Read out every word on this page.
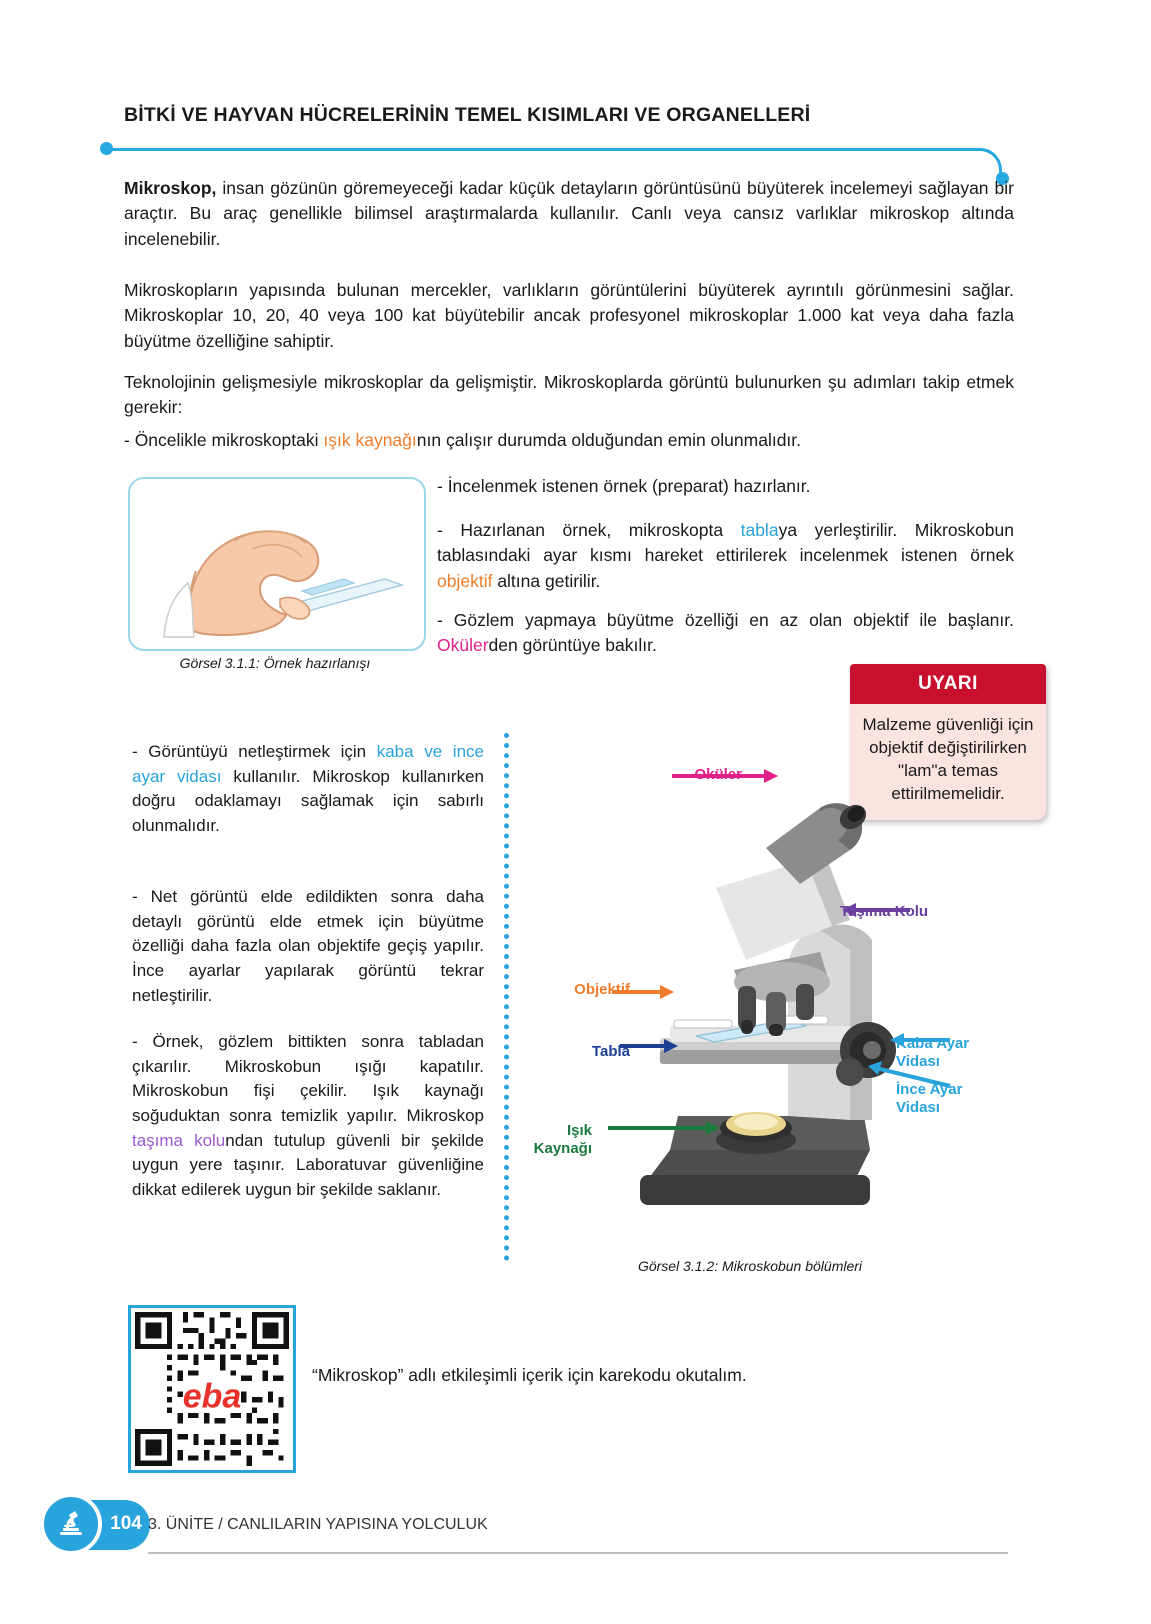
BİTKİ VE HAYVAN HÜCRELERİNİN TEMEL KISIMLARI VE ORGANELLERİ
Mikroskop, insan gözünün göremeyeceği kadar küçük detayların görüntüsünü büyüterek incelemeyi sağlayan bir araçtır. Bu araç genellikle bilimsel araştırmalarda kullanılır. Canlı veya cansız varlıklar mikroskop altında incelenebilir.
Mikroskopların yapısında bulunan mercekler, varlıkların görüntülerini büyüterek ayrıntılı görünmesini sağlar. Mikroskoplar 10, 20, 40 veya 100 kat büyütebilir ancak profesyonel mikroskoplar 1.000 kat veya daha fazla büyütme özelliğine sahiptir.
Teknolojinin gelişmesiyle mikroskoplar da gelişmiştir. Mikroskoplarda görüntü bulunurken şu adımları takip etmek gerekir:
- Öncelikle mikroskoptaki ışık kaynağının çalışır durumda olduğundan emin olunmalıdır.
Görsel 3.1.1: Örnek hazırlanışı
- İncelenmek istenen örnek (preparat) hazırlanır.
- Hazırlanan örnek, mikroskopta tablaya yerleştirilir. Mikroskobun tablasındaki ayar kısmı hareket ettirilerek incelenmek istenen örnek objektif altına getirilir.
- Gözlem yapmaya büyütme özelliği en az olan objektif ile başlanır. Okülerden görüntüye bakılır.
UYARI
Malzeme güvenliği için objektif değiştirilirken "lam"a temas ettirilmemelidir.
- Görüntüyü netleştirmek için kaba ve ince ayar vidası kullanılır. Mikroskop kullanırken doğru odaklamayı sağlamak için sabırlı olunmalıdır.
- Net görüntü elde edildikten sonra daha detaylı görüntü elde etmek için büyütme özelliği daha fazla olan objektife geçiş yapılır. İnce ayarlar yapılarak görüntü tekrar netleştirilir.
- Örnek, gözlem bittikten sonra tabladan çıkarılır. Mikroskobun ışığı kapatılır. Mikroskobun fişi çekilir. Işık kaynağı soğuduktan sonra temizlik yapılır. Mikroskop taşıma kolundan tutulup güvenli bir şekilde uygun yere taşınır. Laboratuvar güvenliğine dikkat edilerek uygun bir şekilde saklanır.
Oküler
Taşıma Kolu
Objektif
Tabla	Kaba Ayar
Vidası
İnce Ayar
Vidası
Işık
Kaynağı
Görsel 3.1.2: Mikroskobun bölümleri
eba
“Mikroskop” adlı etkileşimli içerik için karekodu okutalım.
104 3. ÜNİTE / CANLILARIN YAPISINA YOLCULUK
